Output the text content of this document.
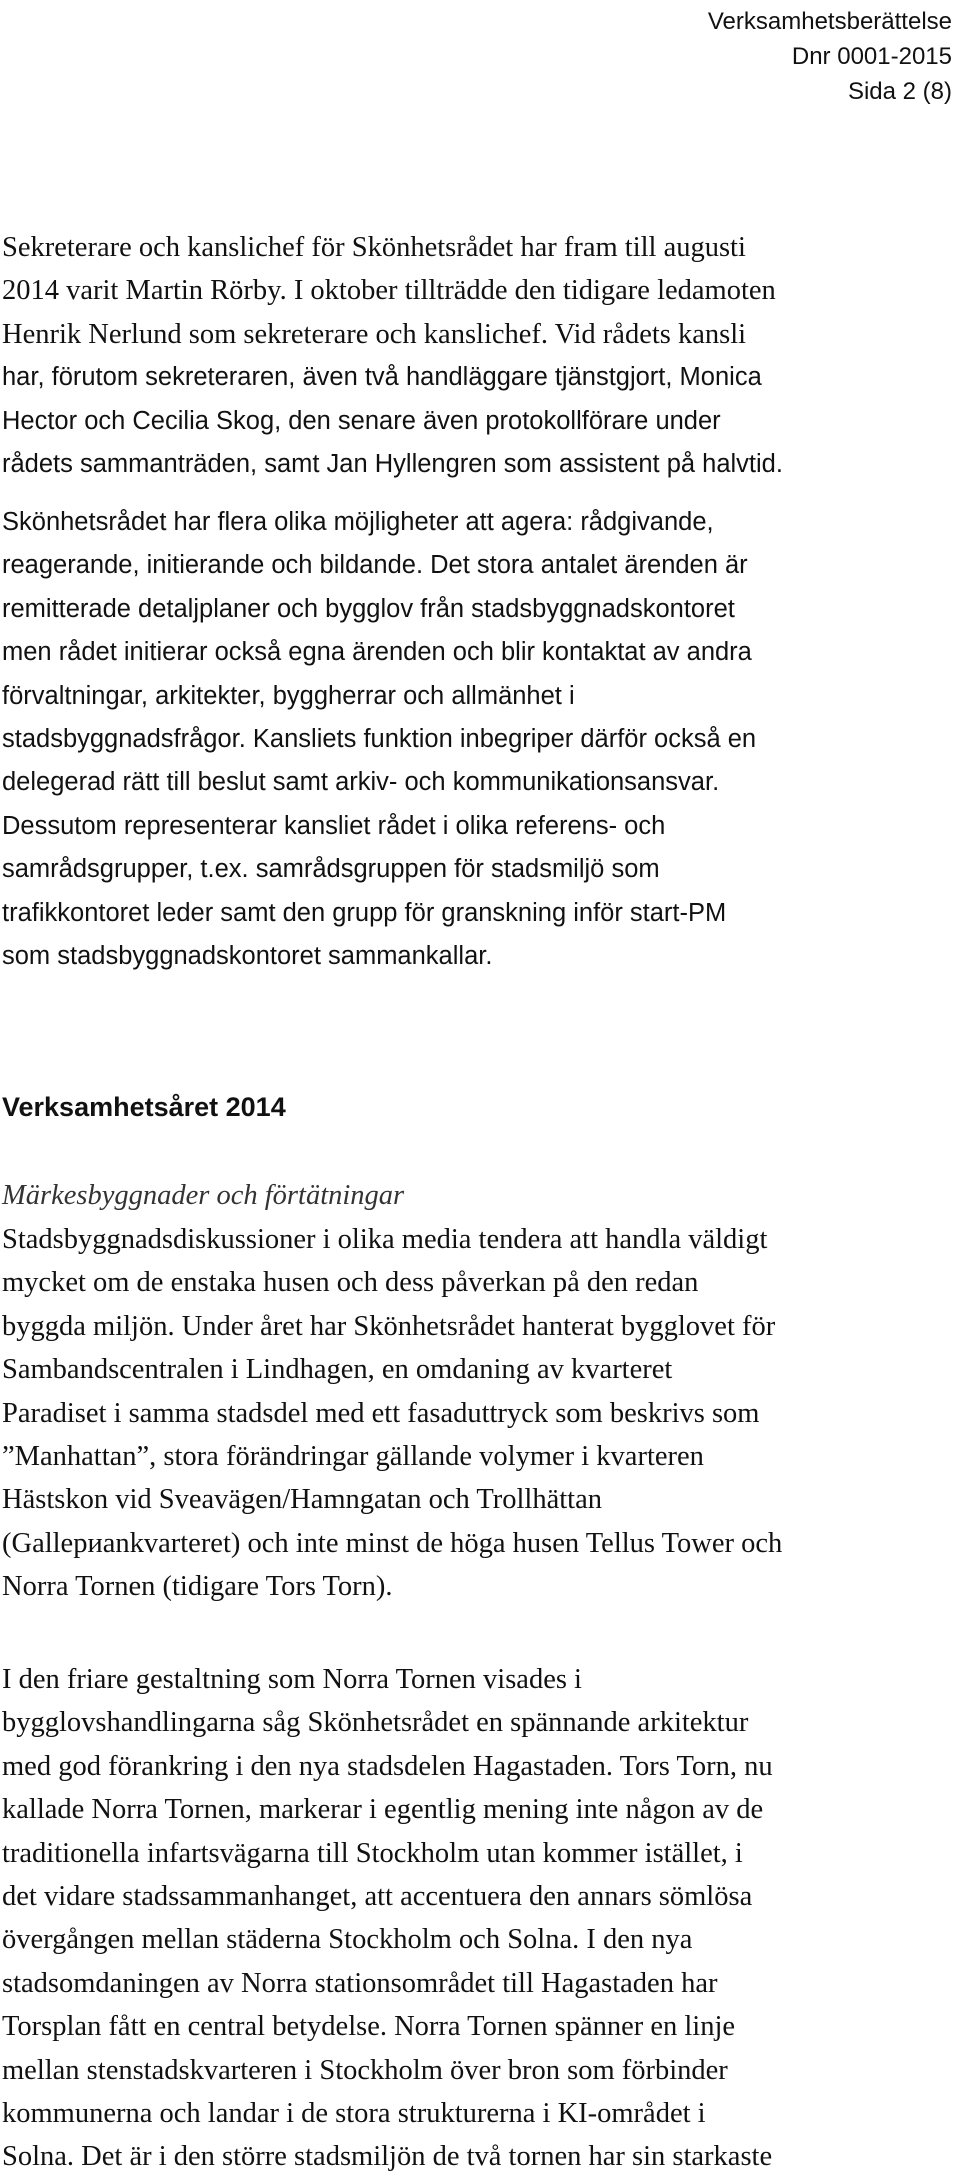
Verksamhetsberättelse
Dnr 0001-2015
Sida 2 (8)
Sekreterare och kanslichef för Skönhetsrådet har fram till augusti
2014 varit Martin Rörby. I oktober tillträdde den tidigare ledamoten
Henrik Nerlund som sekreterare och kanslichef. Vid rådets kansli
har, förutom sekreteraren, även två handläggare tjänstgjort, Monica
Hector och Cecilia Skog, den senare även protokollförare under
rådets sammanträden, samt Jan Hyllengren som assistent på halvtid.
Skönhetsrådet har flera olika möjligheter att agera: rådgivande,
reagerande, initierande och bildande. Det stora antalet ärenden är
remitterade detaljplaner och bygglov från stadsbyggnadskontoret
men rådet initierar också egna ärenden och blir kontaktat av andra
förvaltningar, arkitekter, byggherrar och allmänhet i
stadsbyggnadsfrågor. Kansliets funktion inbegriper därför också en
delegerad rätt till beslut samt arkiv- och kommunikationsansvar.
Dessutom representerar kansliet rådet i olika referens- och
samrådsgrupper, t.ex. samrådsgruppen för stadsmiljö som
trafikkontoret leder samt den grupp för granskning inför start-PM
som stadsbyggnadskontoret sammankallar.
Verksamhetsåret 2014
Märkesbyggnader och förtätningar
Stadsbyggnadsdiskussioner i olika media tendera att handla väldigt
mycket om de enstaka husen och dess påverkan på den redan
byggda miljön. Under året har Skönhetsrådet hanterat bygglovet för
Sambandscentralen i Lindhagen, en omdaning av kvarteret
Paradiset i samma stadsdel med ett fasaduttryck som beskrivs som
”Manhattan”, stora förändringar gällande volymer i kvarteren
Hästskon vid Sveavägen/Hamngatan och Trollhättan
(Gallериankvarteret) och inte minst de höga husen Tellus Tower och
Norra Tornen (tidigare Tors Torn).
I den friare gestaltning som Norra Tornen visades i
bygglovshandlingarna såg Skönhetsrådet en spännande arkitektur
med god förankring i den nya stadsdelen Hagastaden. Tors Torn, nu
kallade Norra Tornen, markerar i egentlig mening inte någon av de
traditionella infartsvägarna till Stockholm utan kommer istället, i
det vidare stadssammanhanget, att accentuera den annars sömlösa
övergången mellan städerna Stockholm och Solna. I den nya
stadsomdaningen av Norra stationsområdet till Hagastaden har
Torsplan fått en central betydelse. Norra Tornen spänner en linje
mellan stenstadskvarteren i Stockholm över bron som förbinder
kommunerna och landar i de stora strukturerna i KI-området i
Solna. Det är i den större stadsmiljön de två tornen har sin starkaste
